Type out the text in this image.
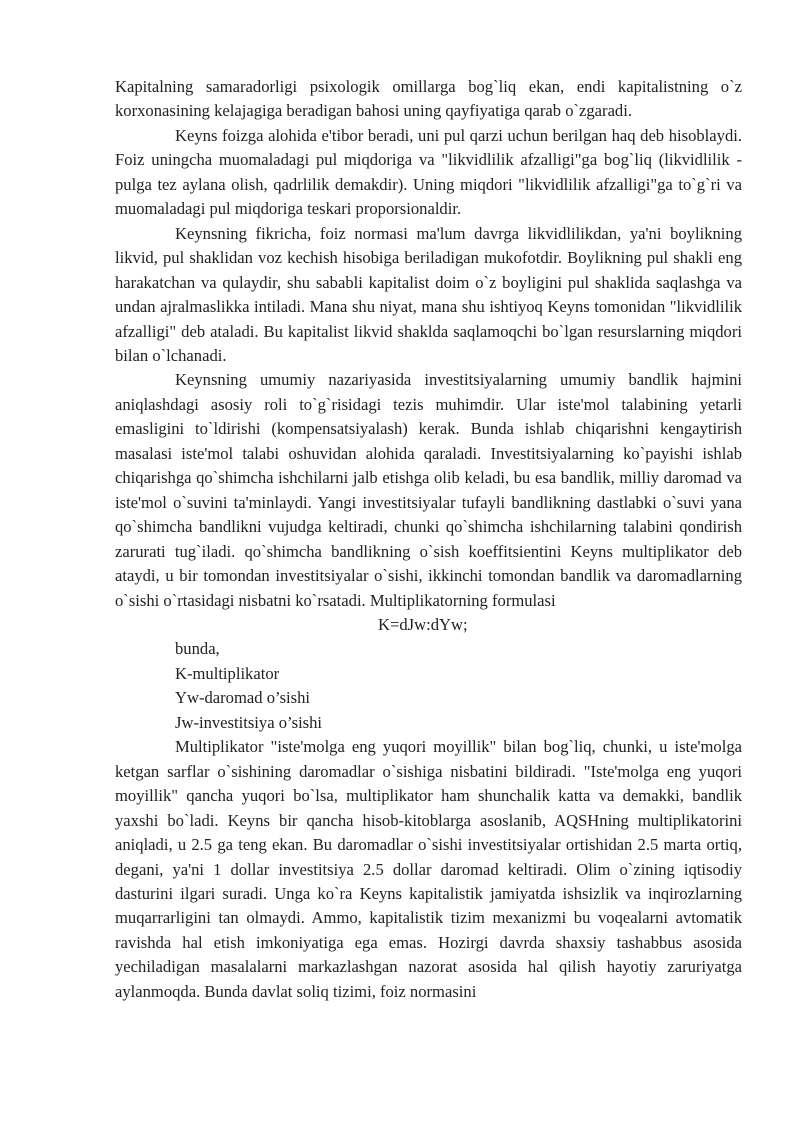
Kapitalning samaradorligi psixologik omillarga bog`liq ekan, endi kapitalistning o`z korxonasining kelajagiga beradigan bahosi uning qayfiyatiga qarab o`zgaradi.

Keyns foizga alohida e'tibor beradi, uni pul qarzi uchun berilgan haq deb hisoblaydi. Foiz uningcha muomaladagi pul miqdoriga va "likvidlilik afzalligi"ga bog`liq (likvidlilik - pulga tez aylana olish, qadrlilik demakdir). Uning miqdori "likvidlilik afzalligi"ga to`g`ri va muomaladagi pul miqdoriga teskari proporsionaldir.

Keynsning fikricha, foiz normasi ma'lum davrga likvidlilikdan, ya'ni boylikning likvid, pul shaklidan voz kechish hisobiga beriladigan mukofotdir. Boylikning pul shakli eng harakatchan va qulaydir, shu sababli kapitalist doim o`z boyligini pul shaklida saqlashga va undan ajralmaslikka intiladi. Mana shu niyat, mana shu ishtiyoq Keyns tomonidan "likvidlilik afzalligi" deb ataladi. Bu kapitalist likvid shaklda saqlamoqchi bo`lgan resurslarning miqdori bilan o`lchanadi.

Keynsning umumiy nazariyasida investitsiyalarning umumiy bandlik hajmini aniqlashdagi asosiy roli to`g`risidagi tezis muhimdir. Ular iste'mol talabining yetarli emasligini to`ldirishi (kompensatsiyalash) kerak. Bunda ishlab chiqarishni kengaytirish masalasi iste'mol talabi oshuvidan alohida qaraladi. Investitsiyalarning ko`payishi ishlab chiqarishga qo`shimcha ishchilarni jalb etishga olib keladi, bu esa bandlik, milliy daromad va iste'mol o`suvini ta'minlaydi. Yangi investitsiyalar tufayli bandlikning dastlabki o`suvi yana qo`shimcha bandlikni vujudga keltiradi, chunki qo`shimcha ishchilarning talabini qondirish zarurati tug`iladi. qo`shimcha bandlikning o`sish koeffitsientini Keyns multiplikator deb ataydi, u bir tomondan investitsiyalar o`sishi, ikkinchi tomondan bandlik va daromadlarning o`sishi o`rtasidagi nisbatni ko`rsatadi. Multiplikatorning formulasi

K=dJw:dYw;

bunda,

K-multiplikator

Yw-daromad o’sishi

Jw-investitsiya o’sishi

Multiplikator "iste'molga eng yuqori moyillik" bilan bog`liq, chunki, u iste'molga ketgan sarflar o`sishining daromadlar o`sishiga nisbatini bildiradi. "Iste'molga eng yuqori moyillik" qancha yuqori bo`lsa, multiplikator ham shunchalik katta va demakki, bandlik yaxshi bo`ladi. Keyns bir qancha hisob-kitoblarga asoslanib, AQSHning multiplikatorini aniqladi, u 2.5 ga teng ekan. Bu daromadlar o`sishi investitsiyalar ortishidan 2.5 marta ortiq, degani, ya'ni 1 dollar investitsiya 2.5 dollar daromad keltiradi. Olim o`zining iqtisodiy dasturini ilgari suradi. Unga ko`ra Keyns kapitalistik jamiyatda ishsizlik va inqirozlarning muqarrarligini tan olmaydi. Ammo, kapitalistik tizim mexanizmi bu voqealarni avtomatik ravishda hal etish imkoniyatiga ega emas. Hozirgi davrda shaxsiy tashabbus asosida yechiladigan masalalarni markazlashgan nazorat asosida hal qilish hayotiy zaruriyatga aylanmoqda. Bunda davlat soliq tizimi, foiz normasini
